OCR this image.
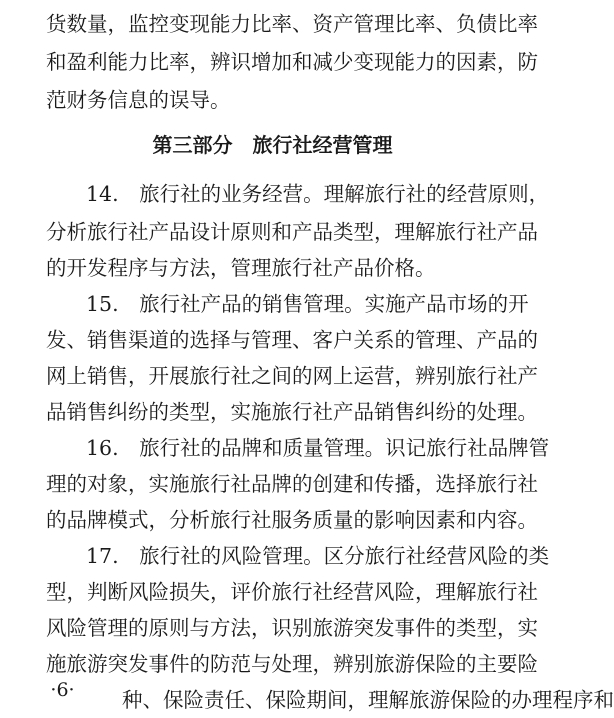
货数量，监控变现能力比率、资产管理比率、负债比率
和盈利能力比率，辨识增加和减少变现能力的因素，防
范财务信息的误导。
第三部分　旅行社经营管理
14.　旅行社的业务经营。理解旅行社的经营原则，
分析旅行社产品设计原则和产品类型，理解旅行社产品
的开发程序与方法，管理旅行社产品价格。
15.　旅行社产品的销售管理。实施产品市场的开
发、销售渠道的选择与管理、客户关系的管理、产品的
网上销售，开展旅行社之间的网上运营，辨别旅行社产
品销售纠纷的类型，实施旅行社产品销售纠纷的处理。
16.　旅行社的品牌和质量管理。识记旅行社品牌管
理的对象，实施旅行社品牌的创建和传播，选择旅行社
的品牌模式，分析旅行社服务质量的影响因素和内容。
17.　旅行社的风险管理。区分旅行社经营风险的类
型，判断风险损失，评价旅行社经营风险，理解旅行社
风险管理的原则与方法，识别旅游突发事件的类型，实
施旅游突发事件的防范与处理，辨别旅游保险的主要险
种、保险责任、保险期间，理解旅游保险的办理程序和
·6·
